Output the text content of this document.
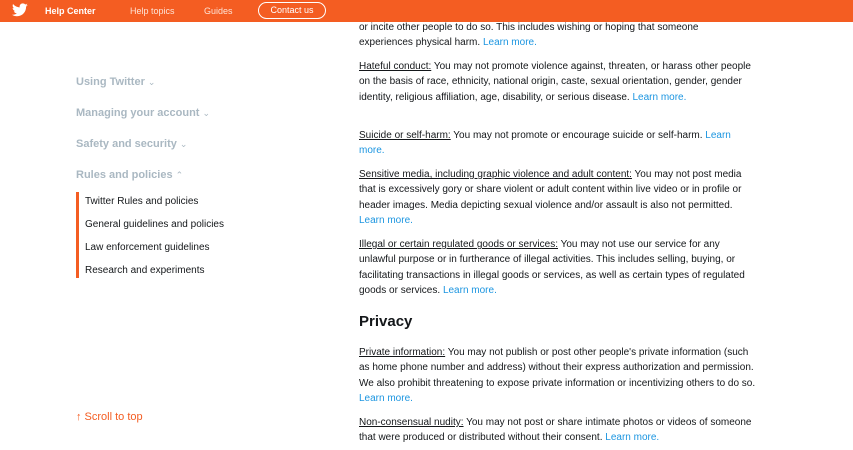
Help Center	Help topics	Guides	Contact us
Using Twitter ⌄
Managing your account ⌄
Safety and security ⌄
Rules and policies ⌃
Twitter Rules and policies
General guidelines and policies
Law enforcement guidelines
Research and experiments
↑ Scroll to top
or incite other people to do so. This includes wishing or hoping that someone
experiences physical harm. Learn more.
Hateful conduct: You may not promote violence against, threaten, or harass other people on the basis of race, ethnicity, national origin, caste, sexual orientation, gender, gender identity, religious affiliation, age, disability, or serious disease. Learn more.
Suicide or self-harm: You may not promote or encourage suicide or self-harm. Learn more.
Sensitive media, including graphic violence and adult content: You may not post media that is excessively gory or share violent or adult content within live video or in profile or header images. Media depicting sexual violence and/or assault is also not permitted. Learn more.
Illegal or certain regulated goods or services: You may not use our service for any unlawful purpose or in furtherance of illegal activities. This includes selling, buying, or facilitating transactions in illegal goods or services, as well as certain types of regulated goods or services. Learn more.
Privacy
Private information: You may not publish or post other people's private information (such as home phone number and address) without their express authorization and permission. We also prohibit threatening to expose private information or incentivizing others to do so. Learn more.
Non-consensual nudity: You may not post or share intimate photos or videos of someone that were produced or distributed without their consent. Learn more.
